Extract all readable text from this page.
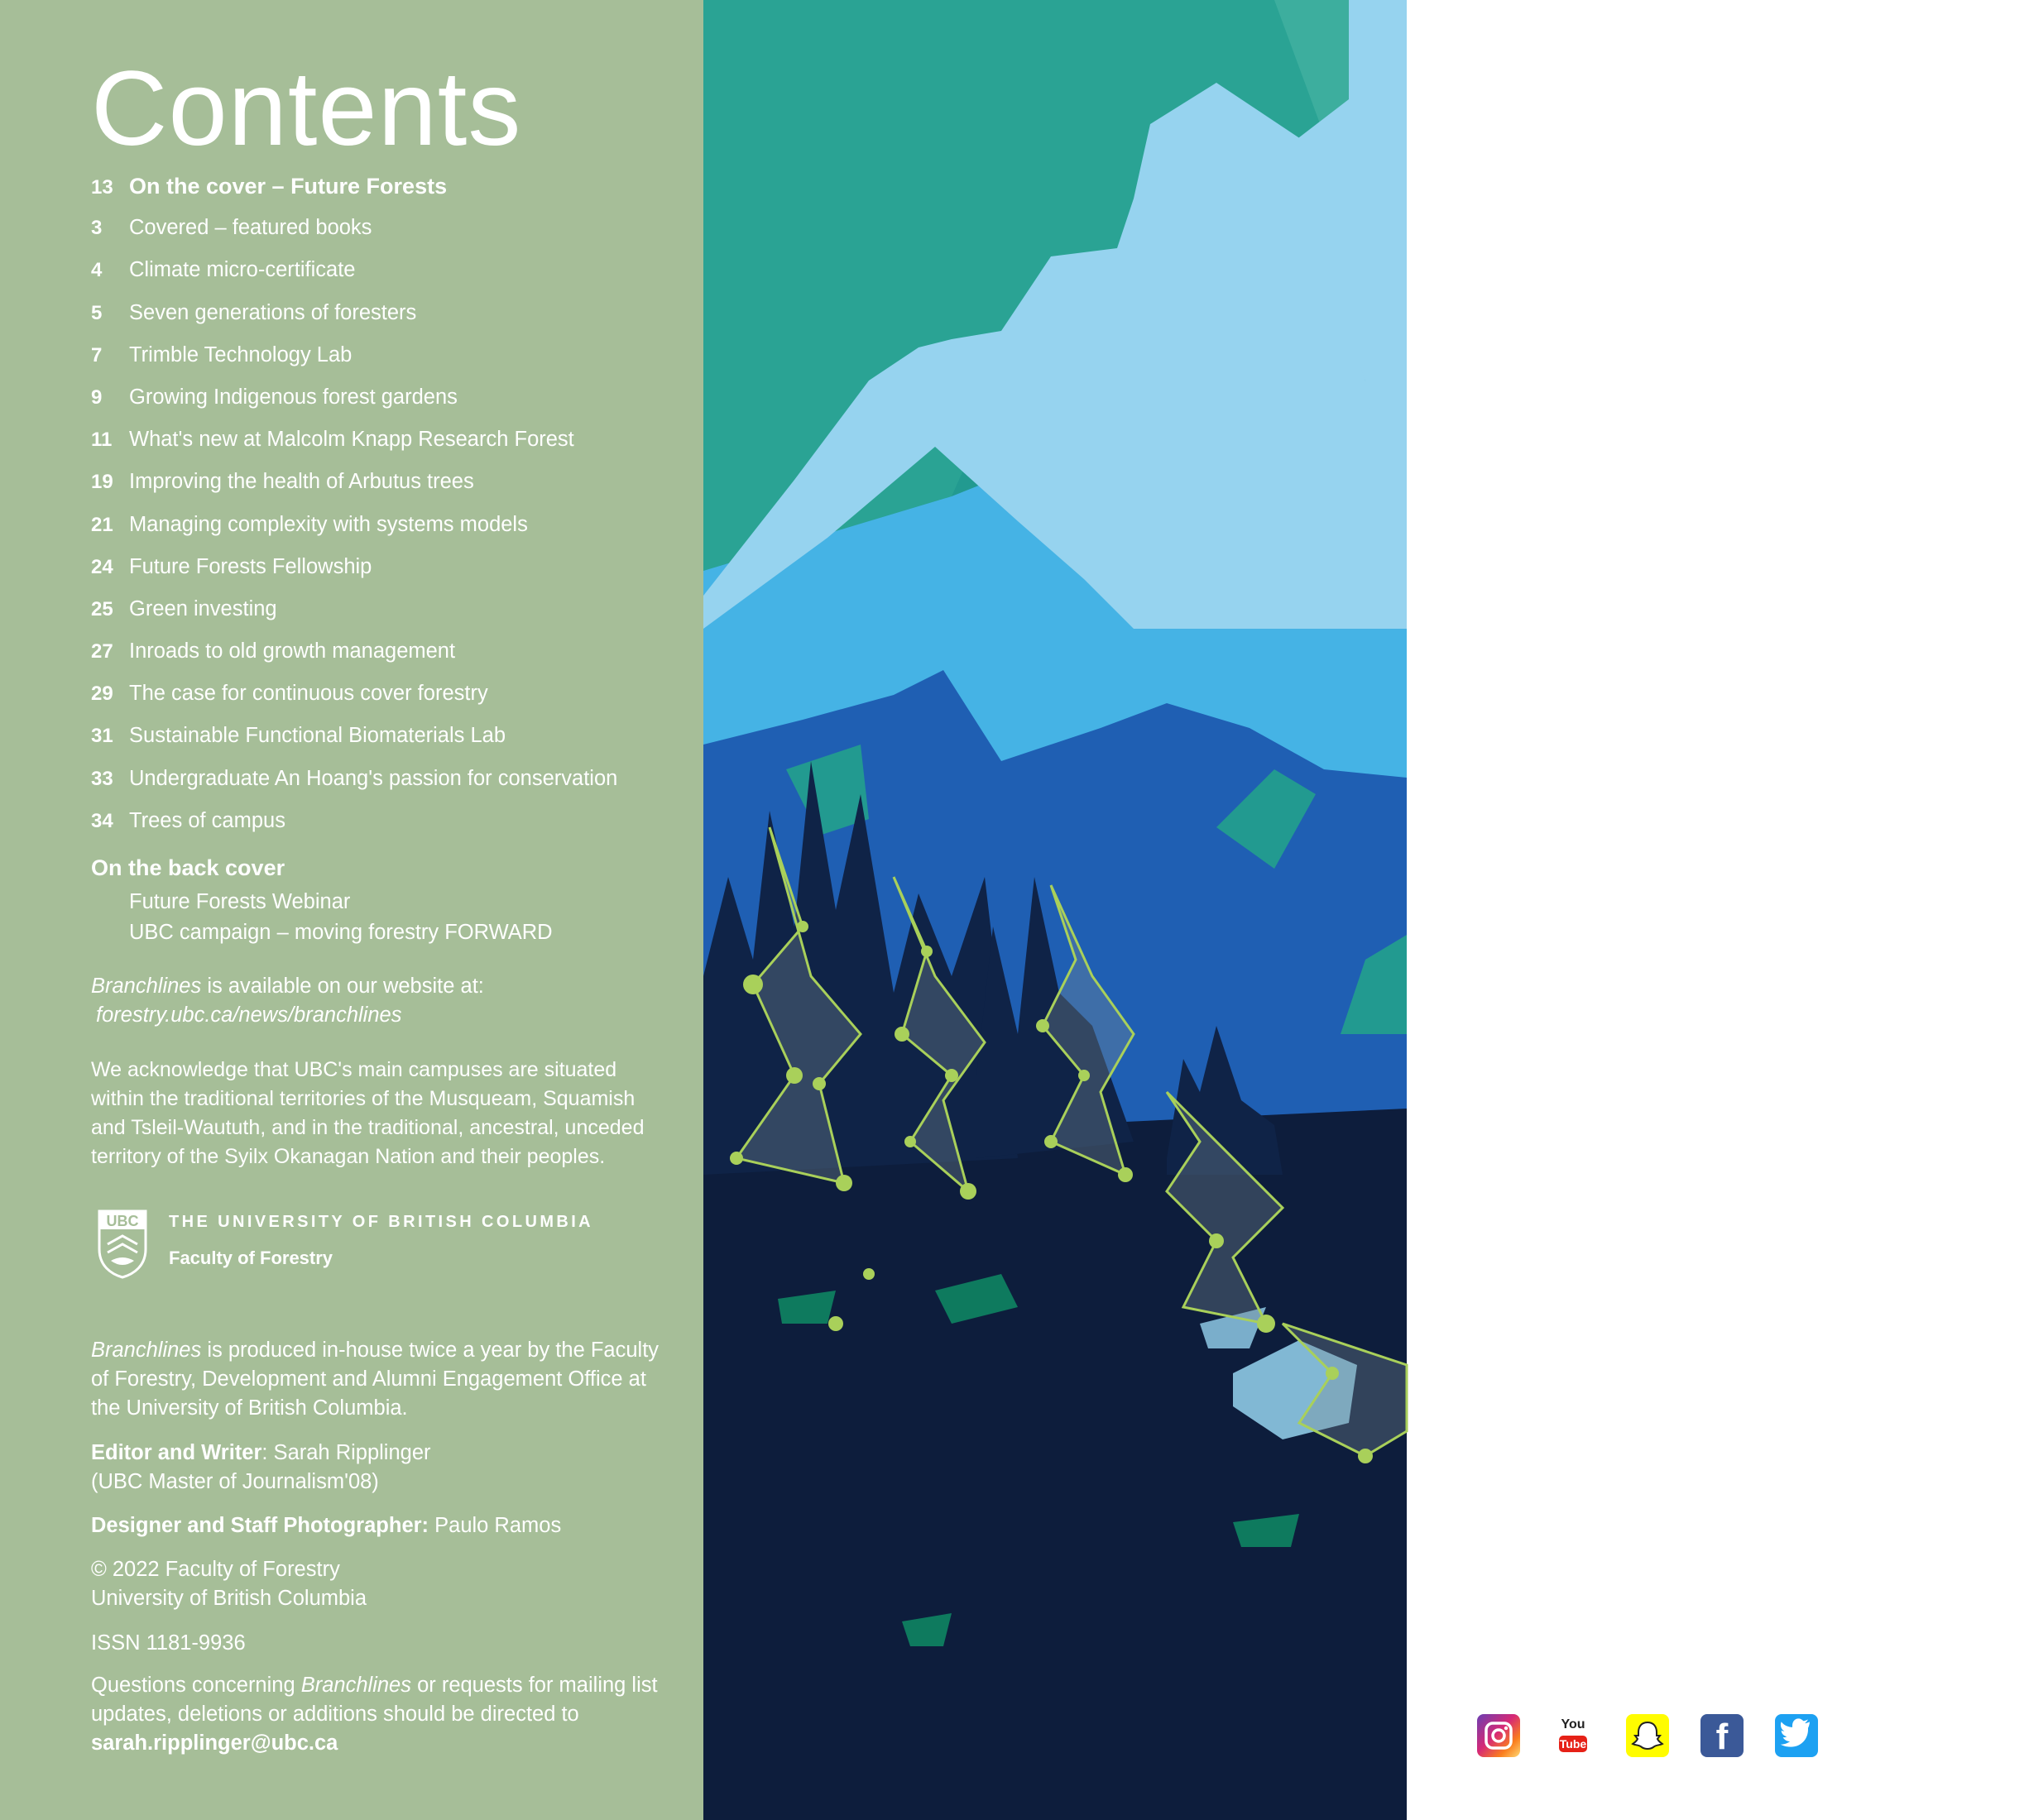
Contents
13 On the cover – Future Forests
3	Covered – featured books
4	Climate micro-certificate
5	Seven generations of foresters
7	Trimble Technology Lab
9	Growing Indigenous forest gardens
11 What's new at Malcolm Knapp Research Forest
19 Improving the health of Arbutus trees
21 Managing complexity with systems models
24 Future Forests Fellowship
25 Green investing
27 Inroads to old growth management
29 The case for continuous cover forestry
31 Sustainable Functional Biomaterials Lab
33 Undergraduate An Hoang's passion for conservation
34 Trees of campus
On the back cover
Future Forests Webinar
UBC campaign – moving forestry FORWARD
Branchlines is available on our website at:
forestry.ubc.ca/news/branchlines
We acknowledge that UBC's main campuses are situated within the traditional territories of the Musqueam, Squamish and Tsleil-Waututh, and in the traditional, ancestral, unceded territory of the Syilx Okanagan Nation and their peoples.
UBC THE UNIVERSITY OF BRITISH COLUMBIA
Faculty of Forestry
Branchlines is produced in-house twice a year by the Faculty of Forestry, Development and Alumni Engagement Office at the University of British Columbia.
Editor and Writer: Sarah Ripplinger
(UBC Master of Journalism'08)
Designer and Staff Photographer: Paulo Ramos
© 2022 Faculty of Forestry
University of British Columbia
ISSN 1181-9936
Questions concerning Branchlines or requests for mailing list updates, deletions or additions should be directed to
sarah.ripplinger@ubc.ca
You
Tube	f	@ubcforestry
